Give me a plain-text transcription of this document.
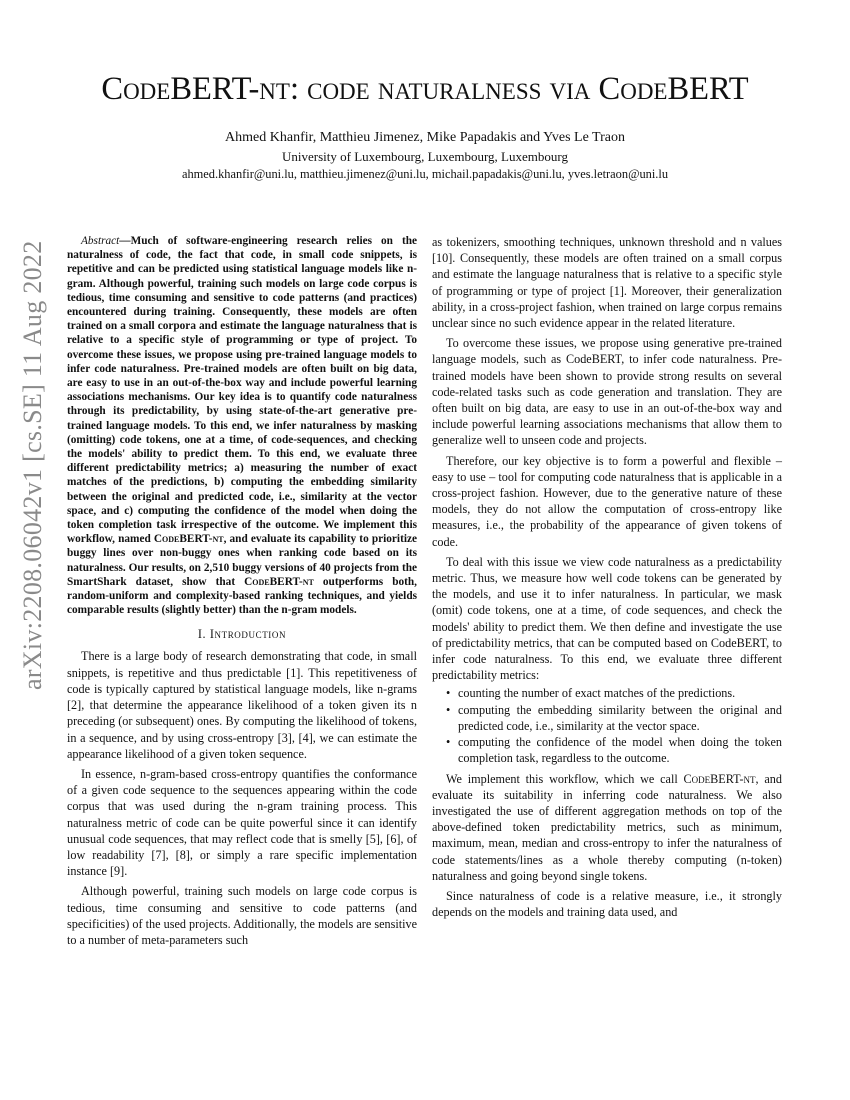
arXiv:2208.06042v1 [cs.SE] 11 Aug 2022
CodeBERT-nt: code naturalness via CodeBERT
Ahmed Khanfir, Matthieu Jimenez, Mike Papadakis and Yves Le Traon
University of Luxembourg, Luxembourg, Luxembourg
ahmed.khanfir@uni.lu, matthieu.jimenez@uni.lu, michail.papadakis@uni.lu, yves.letraon@uni.lu

Abstract—Much of software-engineering research relies on the naturalness of code, the fact that code, in small code snippets, is repetitive and can be predicted using statistical language models like n-gram. Although powerful, training such models on large code corpus is tedious, time consuming and sensitive to code patterns (and practices) encountered during training. Consequently, these models are often trained on a small corpora and estimate the language naturalness that is relative to a specific style of programming or type of project. To overcome these issues, we propose using pre-trained language models to infer code naturalness. Pre-trained models are often built on big data, are easy to use in an out-of-the-box way and include powerful learning associations mechanisms. Our key idea is to quantify code naturalness through its predictability, by using state-of-the-art generative pre-trained language models. To this end, we infer naturalness by masking (omitting) code tokens, one at a time, of code-sequences, and checking the models' ability to predict them. To this end, we evaluate three different predictability metrics; a) measuring the number of exact matches of the predictions, b) computing the embedding similarity between the original and predicted code, i.e., similarity at the vector space, and c) computing the confidence of the model when doing the token completion task irrespective of the outcome. We implement this workflow, named CodeBERT-nt, and evaluate its capability to prioritize buggy lines over non-buggy ones when ranking code based on its naturalness. Our results, on 2,510 buggy versions of 40 projects from the SmartShark dataset, show that CodeBERT-nt outperforms both, random-uniform and complexity-based ranking techniques, and yields comparable results (slightly better) than the n-gram models.

I. Introduction

There is a large body of research demonstrating that code, in small snippets, is repetitive and thus predictable [1]. This repetitiveness of code is typically captured by statistical language models, like n-grams [2], that determine the appearance likelihood of a token given its n preceding (or subsequent) ones. By computing the likelihood of tokens, in a sequence, and by using cross-entropy [3], [4], we can estimate the appearance likelihood of a given token sequence.

In essence, n-gram-based cross-entropy quantifies the conformance of a given code sequence to the sequences appearing within the code corpus that was used during the n-gram training process. This naturalness metric of code can be quite powerful since it can identify unusual code sequences, that may reflect code that is smelly [5], [6], of low readability [7], [8], or simply a rare specific implementation instance [9].

Although powerful, training such models on large code corpus is tedious, time consuming and sensitive to code patterns (and specificities) of the used projects. Additionally, the models are sensitive to a number of meta-parameters such

as tokenizers, smoothing techniques, unknown threshold and n values [10]. Consequently, these models are often trained on a small corpus and estimate the language naturalness that is relative to a specific style of programming or type of project [1]. Moreover, their generalization ability, in a cross-project fashion, when trained on large corpus remains unclear since no such evidence appear in the related literature.

To overcome these issues, we propose using generative pre-trained language models, such as CodeBERT, to infer code naturalness. Pre-trained models have been shown to provide strong results on several code-related tasks such as code generation and translation. They are often built on big data, are easy to use in an out-of-the-box way and include powerful learning associations mechanisms that allow them to generalize well to unseen code and projects.

Therefore, our key objective is to form a powerful and flexible – easy to use – tool for computing code naturalness that is applicable in a cross-project fashion. However, due to the generative nature of these models, they do not allow the computation of cross-entropy like measures, i.e., the probability of the appearance of given tokens of code.

To deal with this issue we view code naturalness as a predictability metric. Thus, we measure how well code tokens can be generated by the models, and use it to infer naturalness. In particular, we mask (omit) code tokens, one at a time, of code sequences, and check the models' ability to predict them. We then define and investigate the use of predictability metrics, that can be computed based on CodeBERT, to infer code naturalness. To this end, we evaluate three different predictability metrics:

• counting the number of exact matches of the predictions.
• computing the embedding similarity between the original and predicted code, i.e., similarity at the vector space.
• computing the confidence of the model when doing the token completion task, regardless to the outcome.

We implement this workflow, which we call CodeBERT-nt, and evaluate its suitability in inferring code naturalness. We also investigated the use of different aggregation methods on top of the above-defined token predictability metrics, such as minimum, maximum, mean, median and cross-entropy to infer the naturalness of code statements/lines as a whole thereby computing (n-token) naturalness and going beyond single tokens.

Since naturalness of code is a relative measure, i.e., it strongly depends on the models and training data used, and
